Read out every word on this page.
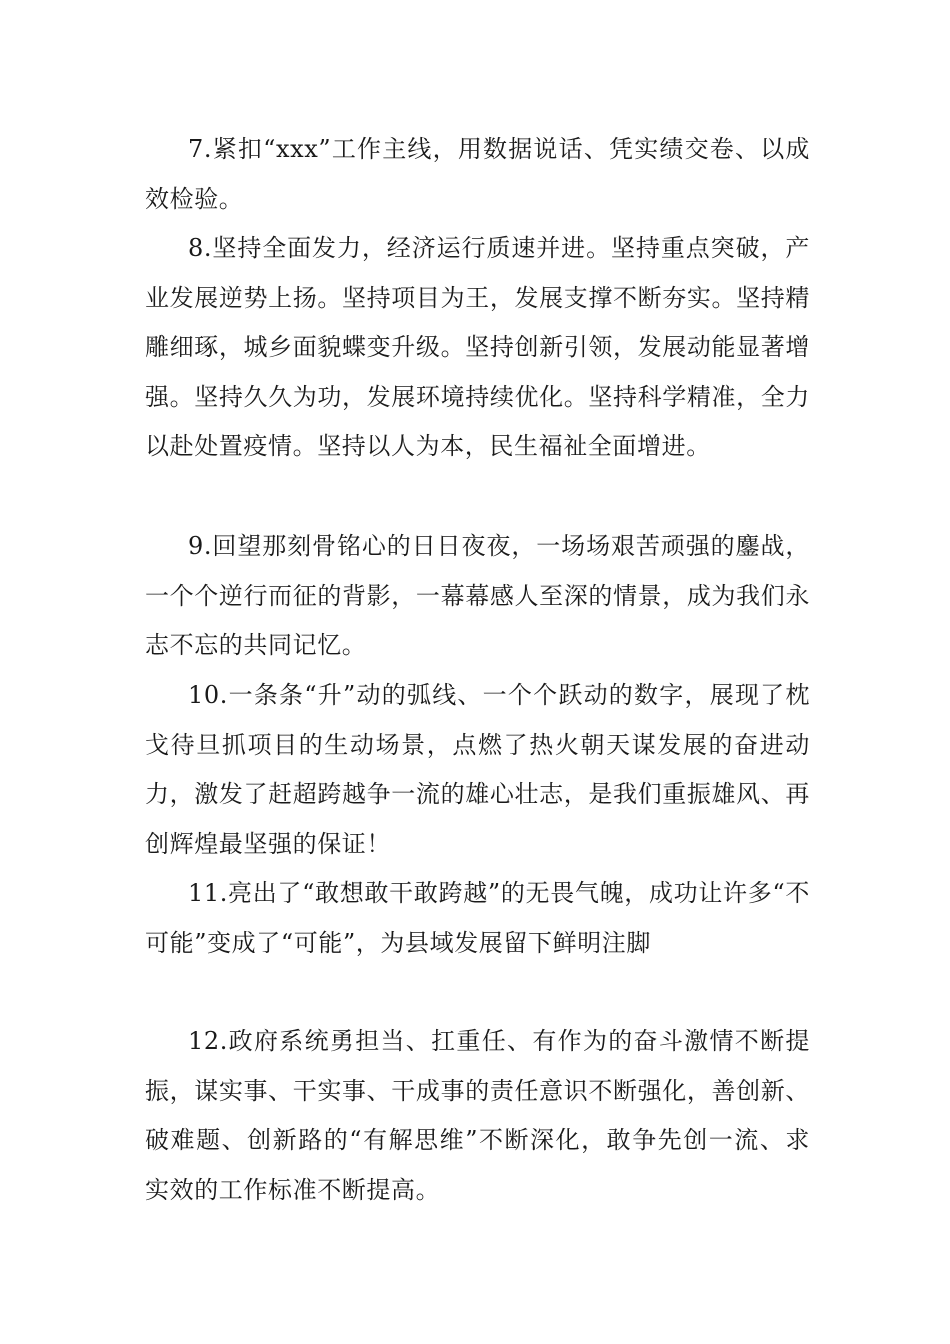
7.紧扣“xxx”工作主线，用数据说话、凭实绩交卷、以成效检验。

8.坚持全面发力，经济运行质速并进。坚持重点突破，产业发展逆势上扬。坚持项目为王，发展支撑不断夯实。坚持精雕细琢，城乡面貌蝶变升级。坚持创新引领，发展动能显著增强。坚持久久为功，发展环境持续优化。坚持科学精准，全力以赴处置疫情。坚持以人为本，民生福祉全面增进。

9.回望那刻骨铭心的日日夜夜，一场场艰苦顽强的鏖战，一个个逆行而征的背影，一幕幕感人至深的情景，成为我们永志不忘的共同记忆。

10.一条条“升”动的弧线、一个个跃动的数字，展现了枕戈待旦抓项目的生动场景，点燃了热火朝天谋发展的奋进动力，激发了赶超跨越争一流的雄心壮志，是我们重振雄风、再创辉煌最坚强的保证！

11.亮出了“敢想敢干敢跨越”的无畏气魄，成功让许多“不可能”变成了“可能”，为县域发展留下鲜明注脚

12.政府系统勇担当、扛重任、有作为的奋斗激情不断提振，谋实事、干实事、干成事的责任意识不断强化，善创新、破难题、创新路的“有解思维”不断深化，敢争先创一流、求实效的工作标准不断提高。
